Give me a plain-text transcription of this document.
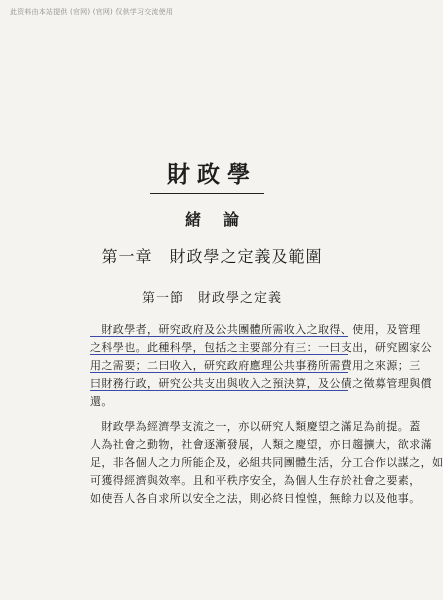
此资料由本站提供 (官网) (官网) 仅供学习交流使用
財政學
緒論
第一章　財政學之定義及範圍
第一節　財政學之定義
　財政學者，研究政府及公共團體所需收入之取得、使用，及管理
之科學也。此種科學，包括之主要部分有三：一曰支出，研究國家公
用之需要；二曰收入，研究政府應理公共事務所需費用之來源；三
曰財務行政，研究公共支出與收入之預決算，及公債之徵募管理與償
還。
　財政學為經濟學支流之一，亦以研究人類慶望之滿足為前提。蓋
人為社會之動物，社會逐漸發展，人類之慶望，亦日趨擴大，欲求滿
足，非各個人之力所能企及，必組共同團體生活，分工合作以謀之，如
可獲得經濟與效率。且和平秩序安全，為個人生存於社會之要素，
如使吾人各自求所以安全之法，則必終日惶惶，無餘力以及他事。
